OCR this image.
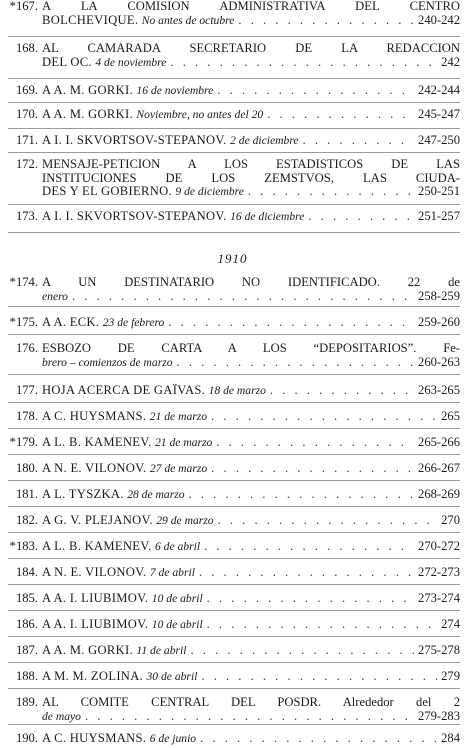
1910
*167. A LA COMISION ADMINISTRATIVA DEL CENTRO
BOLCHEVIQUE. No antes de octubre . . .	240-242
168. AL CAMARADA SECRETARIO DE LA REDACCION
DEL OC. 4 de noviembre . . .	242
169. A A. M. GORKI. 16 de noviembre . . .	242-244
170. A A. M. GORKI. Noviembre, no antes del 20 . . .	245-247
171. A I. I. SKVORTSOV-STEPANOV. 2 de diciembre . . .	247-250
172. MENSAJE-PETICION A LOS ESTADISTICOS DE LAS
INSTITUCIONES DE LOS ZEMSTVOS, LAS CIUDA-
DES Y EL GOBIERNO. 9 de diciembre . . .	250-251
173. A I. I. SKVORTSOV-STEPANOV. 16 de diciembre . . .	251-257
*174. A UN DESTINATARIO NO IDENTIFICADO. 22 de
enero . . .	258-259
*175. A A. ECK. 23 de febrero . . .	259-260
176. ESBOZO DE CARTA A LOS “DEPOSITARIOS”. Fe-
brero – comienzos de marzo . . .	260-263
177. HOJA ACERCA DE GAÏVAS. 18 de marzo . . .	263-265
178. A C. HUYSMANS. 21 de marzo . . .	265
*179. A L. B. KAMENEV. 21 de marzo . . .	265-266
180. A N. E. VILONOV. 27 de marzo . . .	266-267
181. A L. TYSZKA. 28 de marzo . . .	268-269
182. A G. V. PLEJANOV. 29 de marzo . . .	270
*183. A L. B. KAMENEV. 6 de abril . . .	270-272
184. A N. E. VILONOV. 7 de abril . . .	272-273
185. A A. I. LIUBIMOV. 10 de abril . . .	273-274
186. A A. I. LIUBIMOV. 10 de abril . . .	274
187. A A. M. GORKI. 11 de abril . . .	275-278
188. A M. M. ZOLINA. 30 de abril . . .	279
189. AL COMITE CENTRAL DEL POSDR. Alrededor del 2
de mayo . . .	279-283
190. A C. HUYSMANS. 6 de junio . . .	284
